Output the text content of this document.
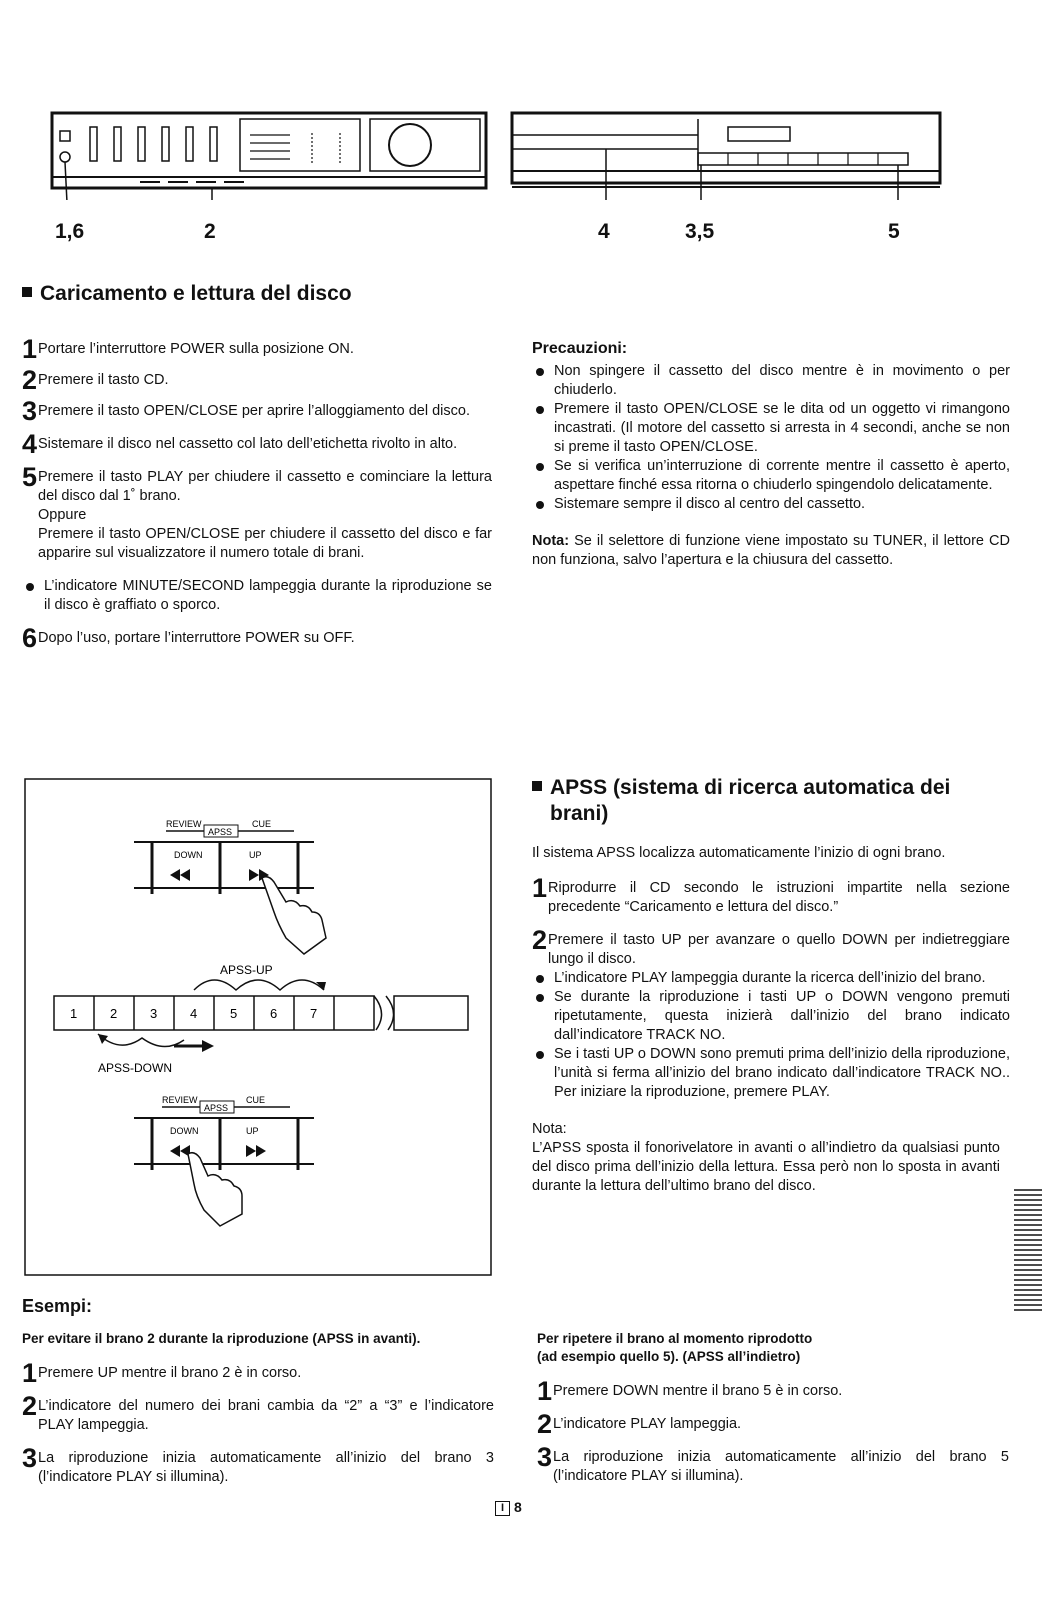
1,6	2	4	3,5	5
Caricamento e lettura del disco
1 Portare l’interruttore POWER sulla posizione ON.
2 Premere il tasto CD.
3 Premere il tasto OPEN/CLOSE per aprire l’alloggiamento del disco.
4 Sistemare il disco nel cassetto col lato dell’etichetta rivolto in alto.
5 Premere il tasto PLAY per chiudere il cassetto e cominciare la lettura del disco dal 1˚ brano.
Oppure
Premere il tasto OPEN/CLOSE per chiudere il cassetto del disco e far apparire sul visualizzatore il numero totale di brani.
L’indicatore MINUTE/SECOND lampeggia durante la riproduzione se il disco è graffiato o sporco.
6 Dopo l’uso, portare l’interruttore POWER su OFF.

Precauzioni:

Non spingere il cassetto del disco mentre è in movimento o per chiuderlo.
Premere il tasto OPEN/CLOSE se le dita od un oggetto vi rimangono incastrati. (Il motore del cassetto si arresta in 4 secondi, anche se non si preme il tasto OPEN/CLOSE.
Se si verifica un’interruzione di corrente mentre il cassetto è aperto, aspettare finché essa ritorna o chiuderlo spingendolo delicatamente.
Sistemare sempre il disco al centro del cassetto.
Nota: Se il selettore di funzione viene impostato su TUNER, il lettore CD non funziona, salvo l’apertura e la chiusura del cassetto.
REVIEW	CUE
APSS
DOWN	UP
APSS-UP
1	2	3	4	5	6	7
APSS-DOWN
REVIEW	CUE
APSS
DOWN	UP
APSS (sistema di ricerca automatica dei
brani)
Il sistema APSS localizza automaticamente l’inizio di ogni brano.
1 Riprodurre il CD secondo le istruzioni impartite nella sezione precedente “Caricamento e lettura del disco.”
2 Premere il tasto UP per avanzare o quello DOWN per indietreggiare lungo il disco.
L’indicatore PLAY lampeggia durante la ricerca dell’inizio del brano.
Se durante la riproduzione i tasti UP o DOWN vengono premuti ripetutamente, questa inizierà dall’inizio del brano indicato dall’indicatore TRACK NO.
Se i tasti UP o DOWN sono premuti prima dell’inizio della riproduzione, l’unità si ferma all’inizio del brano indicato dall’indicatore TRACK NO.. Per iniziare la riproduzione, premere PLAY.
Nota:
L’APSS sposta il fonorivelatore in avanti o all’indietro da qualsiasi punto del disco prima dell’inizio della lettura. Essa però non lo sposta in avanti durante la lettura dell’ultimo brano del disco.
Esempi:
Per evitare il brano 2 durante la riproduzione (APSS in avanti).
1 Premere UP mentre il brano 2 è in corso.
2 L’indicatore del numero dei brani cambia da “2” a “3” e l’indicatore PLAY lampeggia.
3 La riproduzione inizia automaticamente all’inizio del brano 3 (l’indicatore PLAY si illumina).
Per ripetere il brano al momento riprodotto
(ad esempio quello 5). (APSS all’indietro)
1 Premere DOWN mentre il brano 5 è in corso.
2 L’indicatore PLAY lampeggia.
3 La riproduzione inizia automaticamente all’inizio del brano 5 (l’indicatore PLAY si illumina).
I 8
